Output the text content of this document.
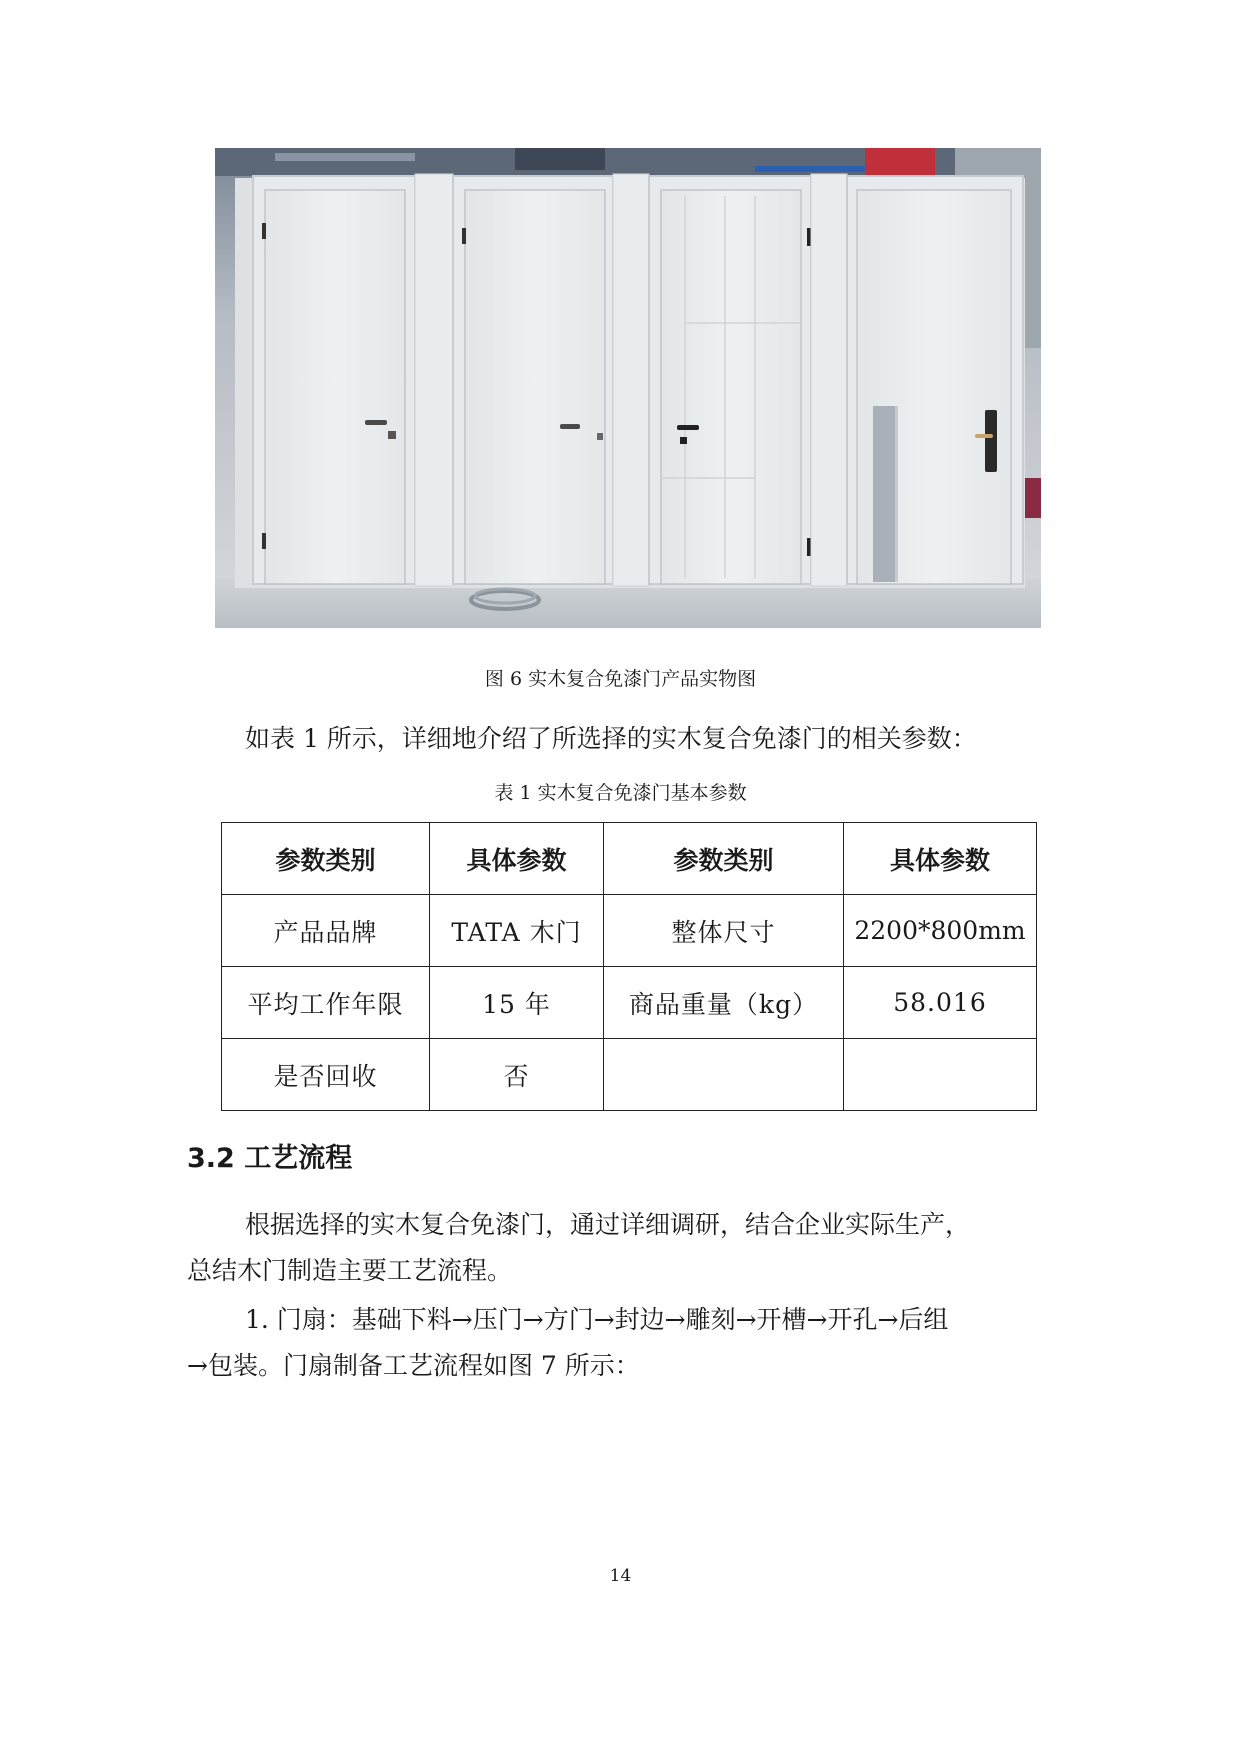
图 6 实木复合免漆门产品实物图
如表 1 所示，详细地介绍了所选择的实木复合免漆门的相关参数：
表 1 实木复合免漆门基本参数
参数类别	具体参数	参数类别	具体参数
产品品牌	TATA 木门	整体尺寸	2200*800mm
平均工作年限	15 年	商品重量（kg）	58.016
是否回收	否		
3.2 工艺流程
根据选择的实木复合免漆门，通过详细调研，结合企业实际生产，
总结木门制造主要工艺流程。
1. 门扇：基础下料→压门→方门→封边→雕刻→开槽→开孔→后组
→包装。门扇制备工艺流程如图 7 所示：
14
